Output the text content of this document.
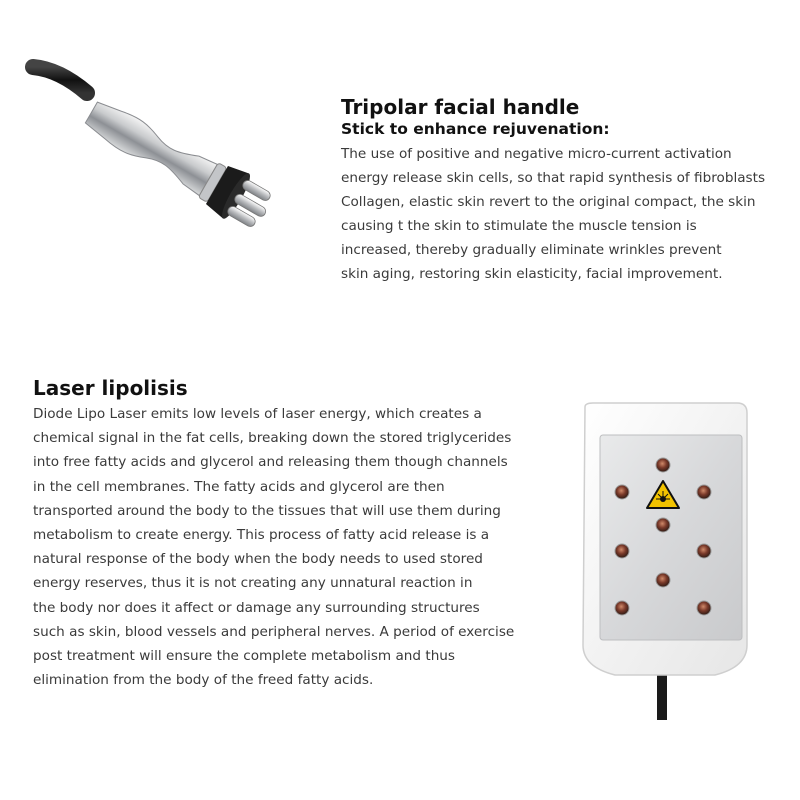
Tripolar facial handle
Stick to enhance rejuvenation:
The use of positive and negative micro-current activation
energy release skin cells, so that rapid synthesis of fibroblasts
Collagen, elastic skin revert to the original compact, the skin
causing t the skin to stimulate the muscle tension is
increased, thereby gradually eliminate wrinkles prevent
skin aging, restoring skin elasticity, facial improvement.
Laser lipolisis
Diode Lipo Laser emits low levels of laser energy, which creates a
chemical signal in the fat cells, breaking down the stored triglycerides
into free fatty acids and glycerol and releasing them though channels
in the cell membranes. The fatty acids and glycerol are then
transported around the body to the tissues that will use them during
metabolism to create energy. This process of fatty acid release is a
natural response of the body when the body needs to used stored
energy reserves, thus it is not creating any unnatural reaction in
the body nor does it affect or damage any surrounding structures
such as skin, blood vessels and peripheral nerves. A period of exercise
post treatment will ensure the complete metabolism and thus
elimination from the body of the freed fatty acids.
